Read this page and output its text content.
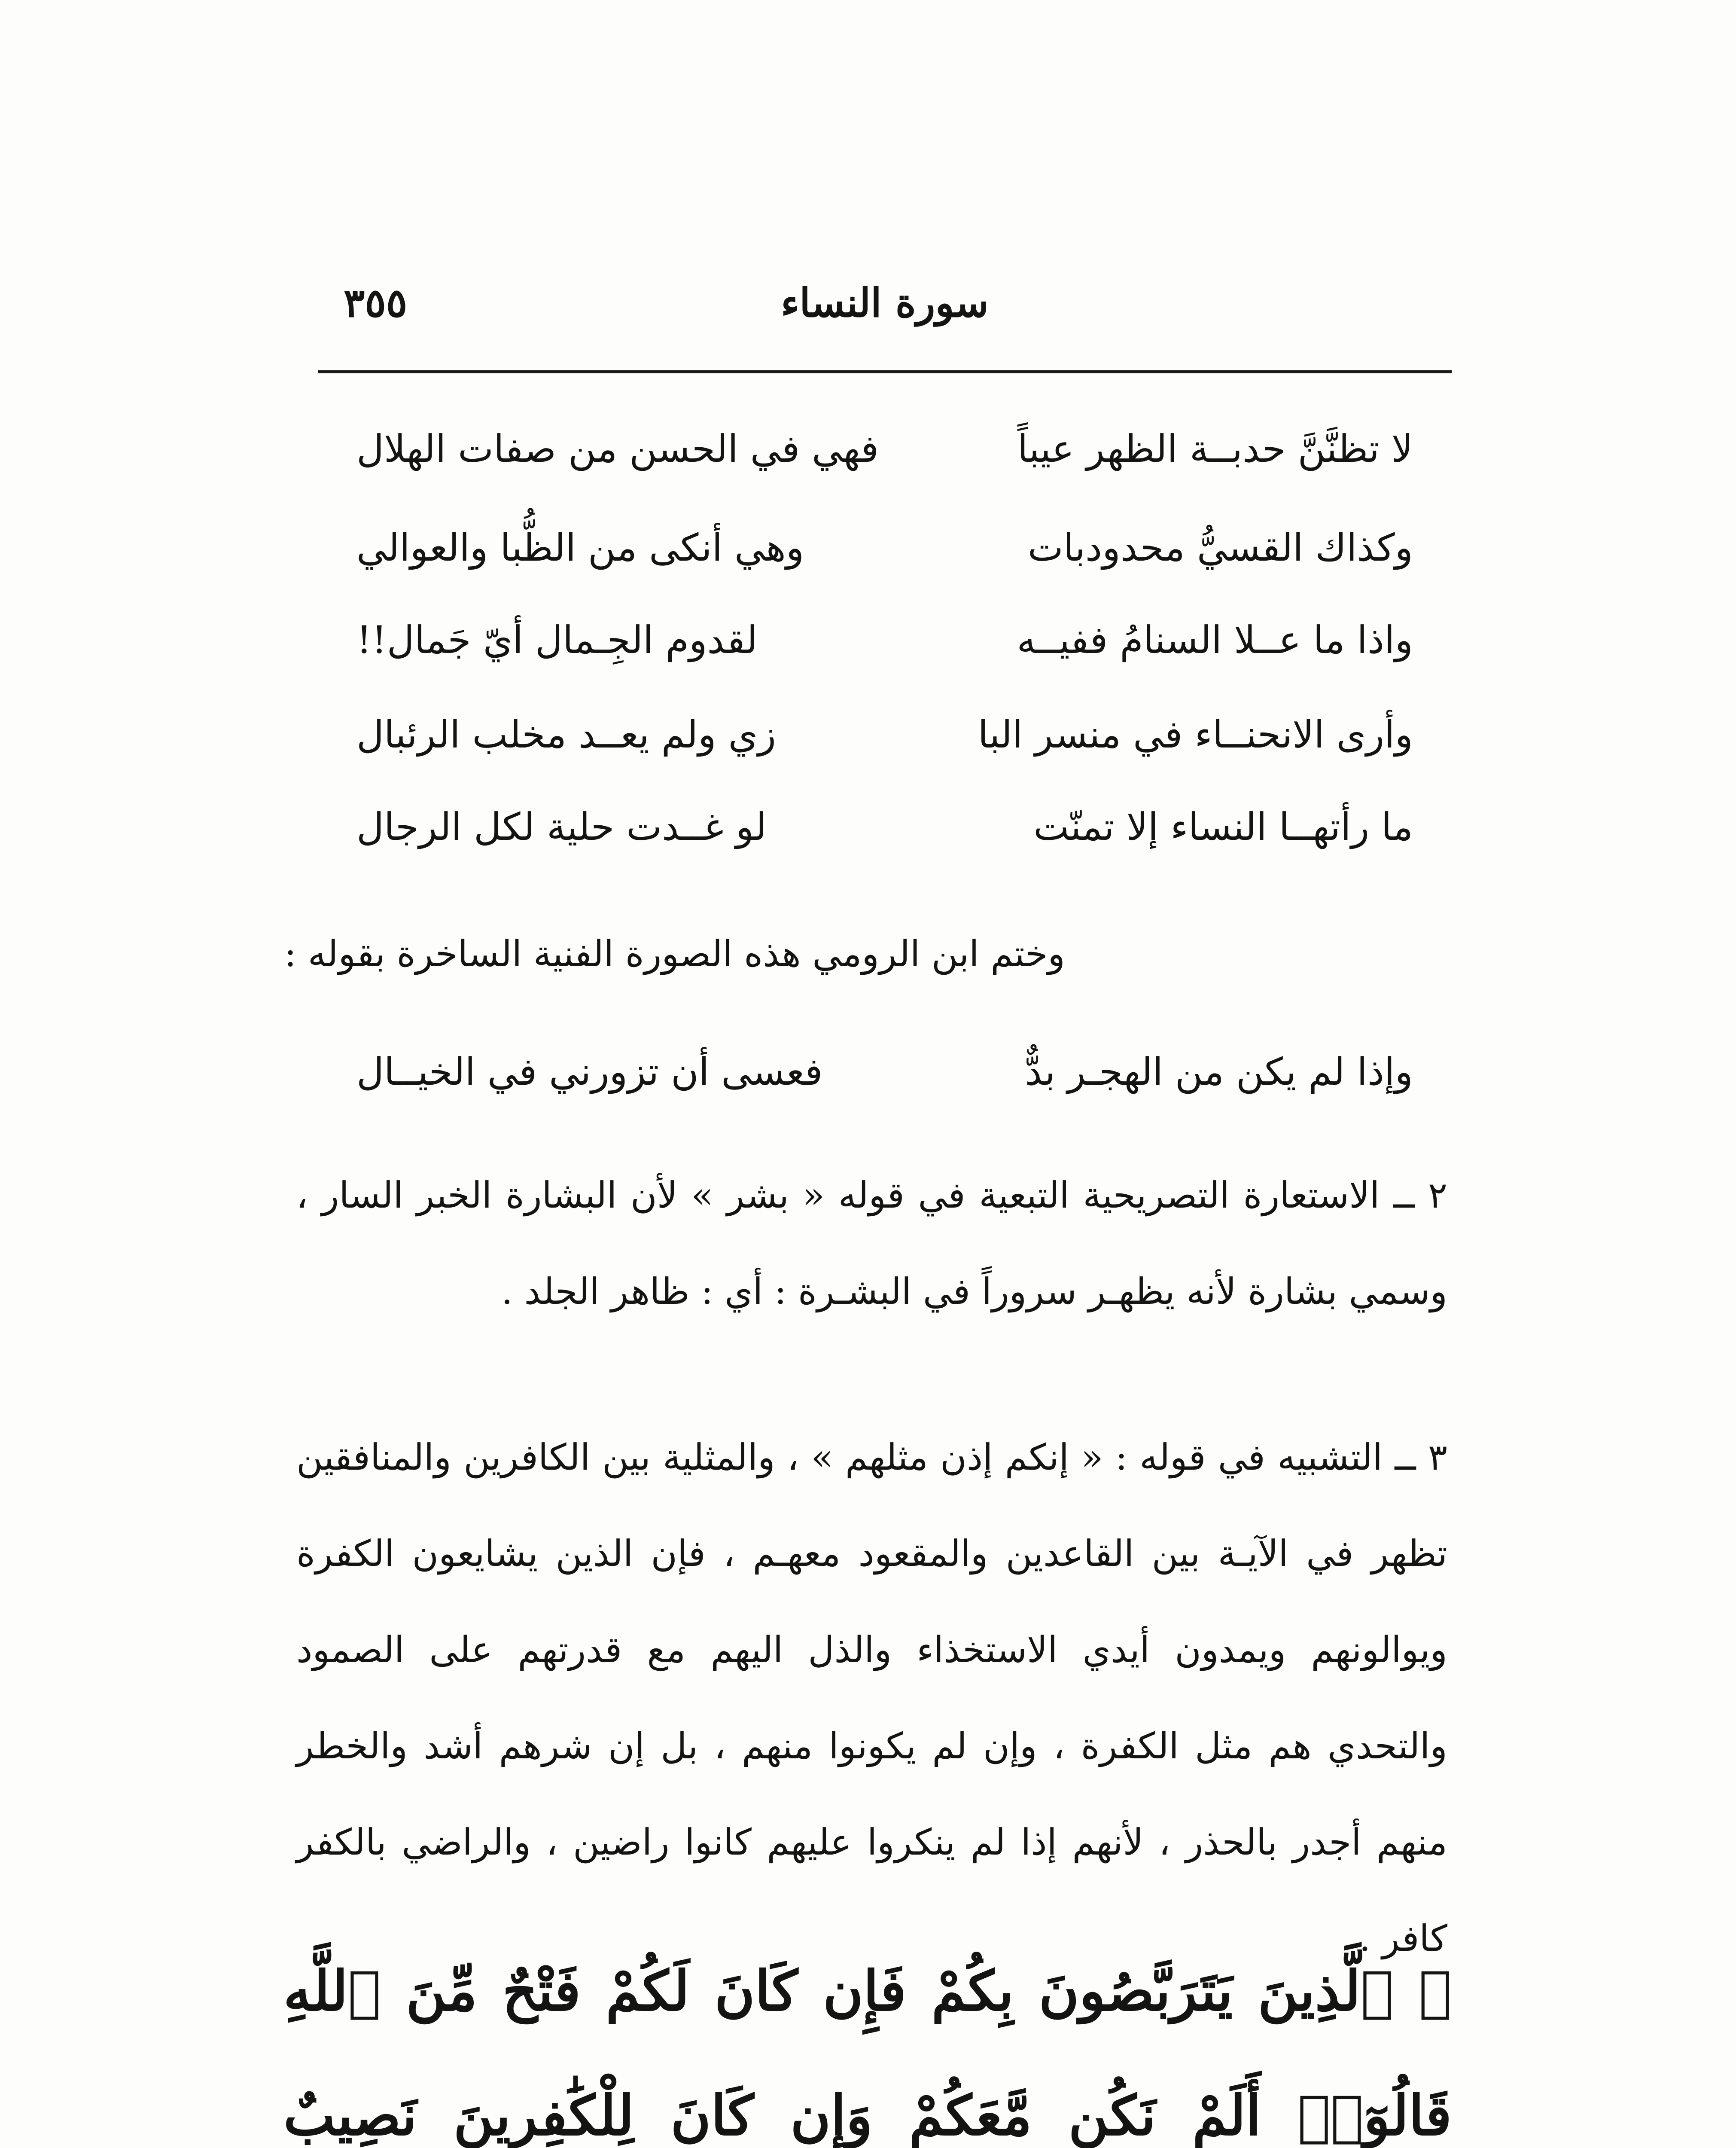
سورة النساء
٣٥٥
لا تظنَّنَّ حدبــة الظهر عيباً
فهي في الحسن من صفات الهلال
وكذاك القسيُّ محدودبات
وهي أنكى من الظُّبا والعوالي
واذا ما عــلا السنامُ ففيــه
لقدوم الجِـمال أيّ جَمال!!
وأرى الانحنــاء في منسر البا
زي ولم يعــد مخلب الرئبال
ما رأتهــا النساء إلا تمنّت
لو غــدت حلية لكل الرجال
وختم ابن الرومي هذه الصورة الفنية الساخرة بقوله :
وإذا لم يكن من الهجـر بدٌّ
فعسى أن تزورني في الخيــال
٢ ــ الاستعارة التصريحية التبعية في قوله « بشر » لأن البشارة الخبر السار ، وسمي بشارة لأنه يظهـر سروراً في البشـرة : أي : ظاهر الجلد .
٣ ــ التشبيه في قوله : « إنكم إذن مثلهم » ، والمثلية بين الكافرين والمنافقين تظهر في الآيـة بين القاعدين والمقعود معهـم ، فإن الذين يشايعون الكفرة ويوالونهم ويمدون أيدي الاستخذاء والذل اليهم مع قدرتهم على الصمود والتحدي هم مثل الكفرة ، وإن لم يكونوا منهم ، بل إن شرهم أشد والخطر منهم أجدر بالحذر ، لأنهم إذا لم ينكروا عليهم كانوا راضين ، والراضي بالكفر كافر .
﴿ ٱلَّذِينَ يَتَرَبَّصُونَ بِكُمْ فَإِن كَانَ لَكُمْ فَتْحٌ مِّنَ ٱللَّهِ قَالُوٓا۟ أَلَمْ نَكُن مَّعَكُمْ وَإِن كَانَ لِلْكَٰفِرِينَ نَصِيبٌ
